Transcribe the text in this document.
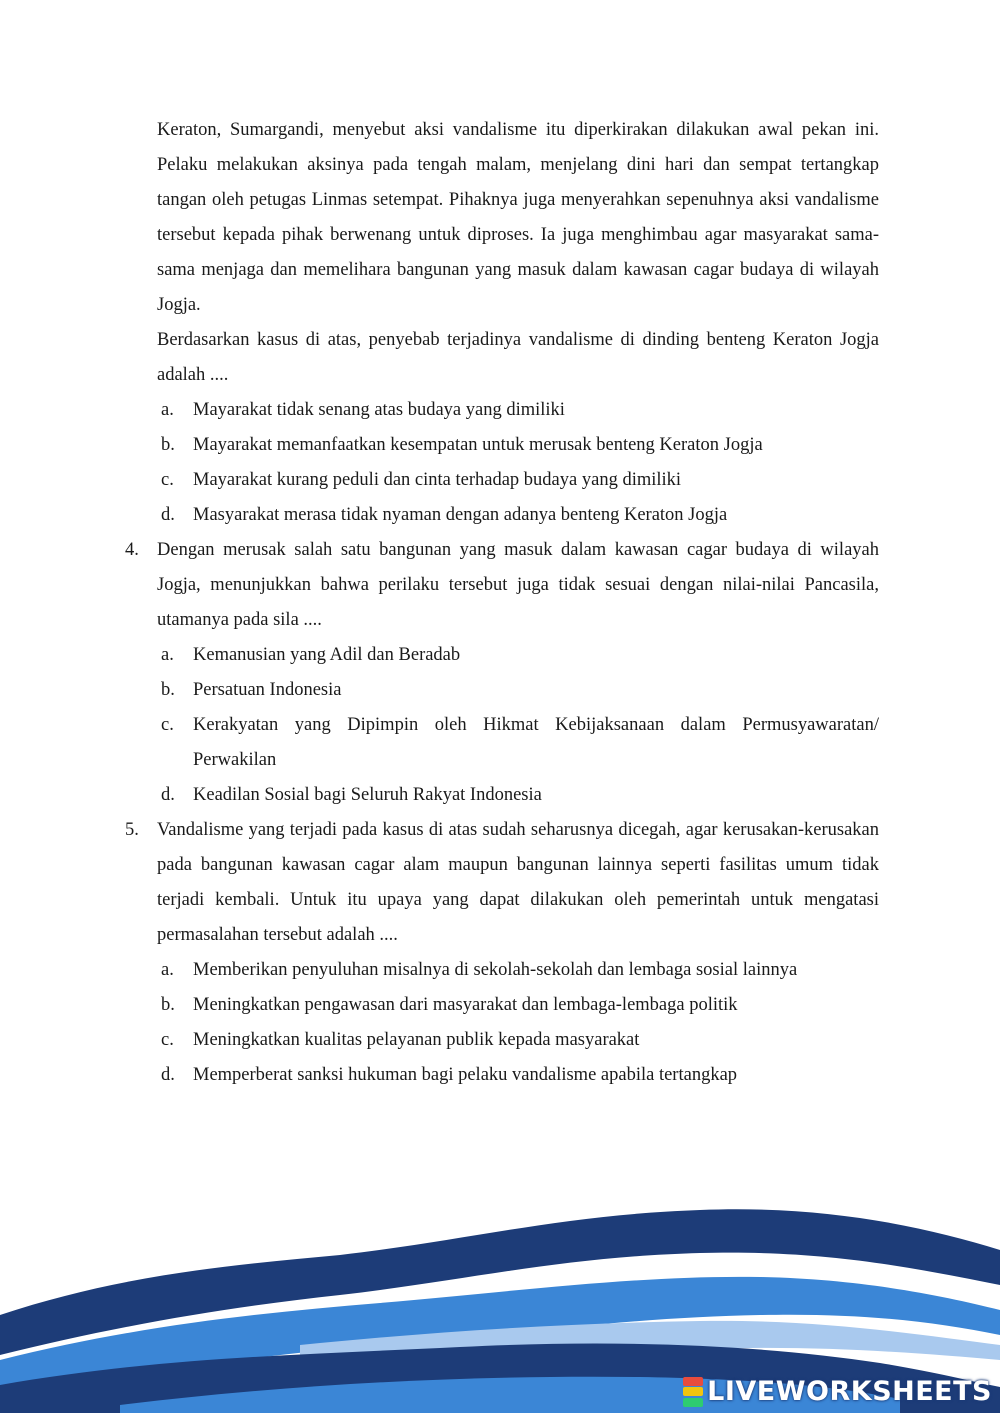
Keraton, Sumargandi, menyebut aksi vandalisme itu diperkirakan dilakukan awal pekan ini. Pelaku melakukan aksinya pada tengah malam, menjelang dini hari dan sempat tertangkap tangan oleh petugas Linmas setempat. Pihaknya juga menyerahkan sepenuhnya aksi vandalisme tersebut kepada pihak berwenang untuk diproses. Ia juga menghimbau agar masyarakat sama-sama menjaga dan memelihara bangunan yang masuk dalam kawasan cagar budaya di wilayah Jogja.

Berdasarkan kasus di atas, penyebab terjadinya vandalisme di dinding benteng Keraton Jogja adalah ....

a.	Mayarakat tidak senang atas budaya yang dimiliki
b. Mayarakat memanfaatkan kesempatan untuk merusak benteng Keraton Jogja
c.	Mayarakat kurang peduli dan cinta terhadap budaya yang dimiliki
d. Masyarakat merasa tidak nyaman dengan adanya benteng Keraton Jogja
4. Dengan merusak salah satu bangunan yang masuk dalam kawasan cagar budaya di wilayah Jogja, menunjukkan bahwa perilaku tersebut juga tidak sesuai dengan nilai-nilai Pancasila, utamanya pada sila ....

a.	Kemanusian yang Adil dan Beradab
b. Persatuan Indonesia
c.	Kerakyatan yang Dipimpin oleh Hikmat Kebijaksanaan dalam Permusyawaratan/ Perwakilan
d. Keadilan Sosial bagi Seluruh Rakyat Indonesia
5. Vandalisme yang terjadi pada kasus di atas sudah seharusnya dicegah, agar kerusakan-kerusakan pada bangunan kawasan cagar alam maupun bangunan lainnya seperti fasilitas umum tidak terjadi kembali. Untuk itu upaya yang dapat dilakukan oleh pemerintah untuk mengatasi permasalahan tersebut adalah ....

a.	Memberikan penyuluhan misalnya di sekolah-sekolah dan lembaga sosial lainnya
b. Meningkatkan pengawasan dari masyarakat dan lembaga-lembaga politik
c.	Meningkatkan kualitas pelayanan publik kepada masyarakat
d. Memperberat sanksi hukuman bagi pelaku vandalisme apabila tertangkap
LIVEWORKSHEETS
